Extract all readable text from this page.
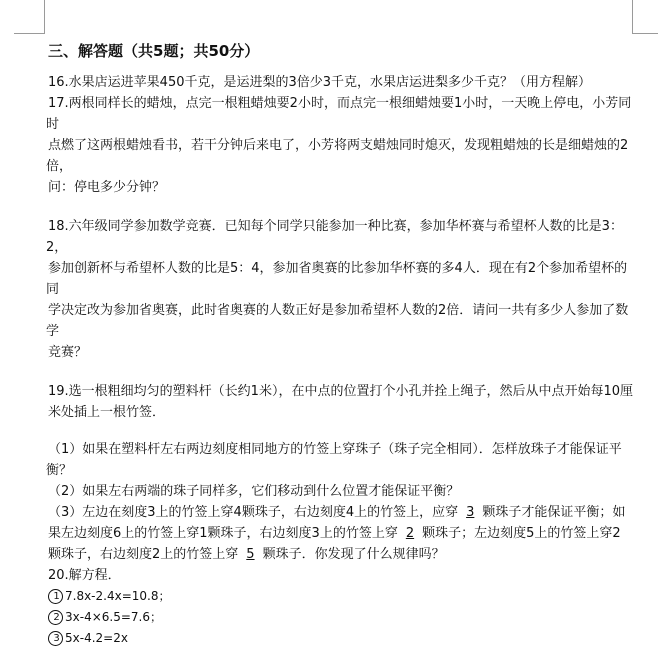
三、解答题（共5题；共50分）

16.水果店运进苹果450千克，是运进梨的3倍少3千克，水果店运进梨多少千克？（用方程解）

17.两根同样长的蜡烛，点完一根粗蜡烛要2小时，而点完一根细蜡烛要1小时，一天晚上停电，小芳同时

点燃了这两根蜡烛看书，若干分钟后来电了，小芳将两支蜡烛同时熄灭，发现粗蜡烛的长是细蜡烛的2倍，

问：停电多少分钟？

18.六年级同学参加数学竞赛．已知每个同学只能参加一种比赛，参加华杯赛与希望杯人数的比是3：2，

参加创新杯与希望杯人数的比是5：4，参加省奥赛的比参加华杯赛的多4人．现在有2个参加希望杯的同

学决定改为参加省奥赛，此时省奥赛的人数正好是参加希望杯人数的2倍．请问一共有多少人参加了数学

竞赛？

19.选一根粗细均匀的塑料杆（长约1米），在中点的位置打个小孔并拴上绳子，然后从中点开始每10厘

米处插上一根竹签．

（1）如果在塑料杆左右两边刻度相同地方的竹签上穿珠子（珠子完全相同）．怎样放珠子才能保证平衡？

（2）如果左右两端的珠子同样多，它们移动到什么位置才能保证平衡？

（3）左边在刻度3上的竹签上穿4颗珠子，右边刻度4上的竹签上，应穿 3 颗珠子才能保证平衡；如

果左边刻度6上的竹签上穿1颗珠子，右边刻度3上的竹签上穿 2 颗珠子；左边刻度5上的竹签上穿2

颗珠子，右边刻度2上的竹签上穿 5 颗珠子．你发现了什么规律吗？

20.解方程．

1 7.8x-2.4x=10.8；

2 3x-4×6.5=7.6；

3 5x-4.2=2x
